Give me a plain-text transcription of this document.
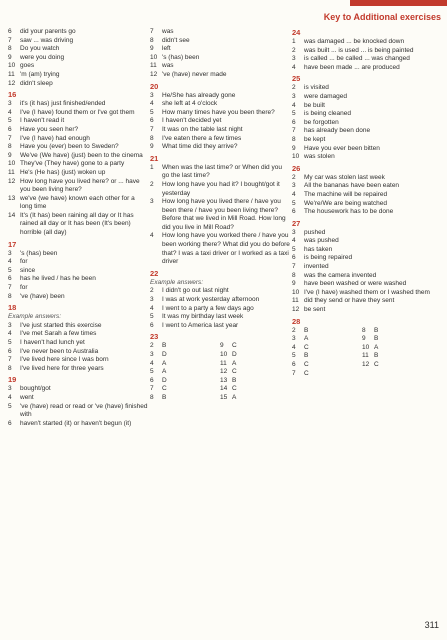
Key to Additional exercises
6	did your parents go
7	saw ... was driving
8	Do you watch
9	were you doing
10 goes
11 'm (am) trying
12 didn't sleep
16
3	it's (it has) just finished/ended
4	I've (I have) found them or I've got them
5	I haven't read it
6	Have you seen her?
7	I've (I have) had enough
8	Have you (ever) been to Sweden?
9	We've (We have) (just) been to the cinema
10 They've (They have) gone to a party
11 He's (He has) (just) woken up
12 How long have you lived here? or ... have you been living here?
13 we've (we have) known each other for a long time
14 It's (It has) been raining all day or It has rained all day or It has been (It's been) horrible (all day)
17
3	's (has) been
4	for
5	since
6	has he lived / has he been
7	for
8	've (have) been
18
Example answers:
3	I've just started this exercise
4	I've met Sarah a few times
5	I haven't had lunch yet
6	I've never been to Australia
7	I've lived here since I was born
8	I've lived here for three years
19
3	bought/got
4	went
5	've (have) read or read or 've (have) finished with
6	haven't started (it) or haven't begun (it)
7	was
8	didn't see
9	left
10 's (has) been
11 was
12 've (have) never made
20
3	He/She has already gone
4	she left at 4 o'clock
5	How many times have you been there?
6	I haven't decided yet
7	It was on the table last night
8	I've eaten there a few times
9	What time did they arrive?
21
1	When was the last time? or When did you go the last time?
2	How long have you had it? I bought/got it yesterday
3	How long have you lived there / have you been there / have you been living there? Before that we lived in Mill Road. How long did you live in Mill Road?
4	How long have you worked there / have you been working there? What did you do before that? I was a taxi driver or I worked as a taxi driver
22
Example answers:
2	I didn't go out last night
3	I was at work yesterday afternoon
4	I went to a party a few days ago
5	It was my birthday last week
6	I went to America last year
23
2	B	9	C
3	D	10 D
4	A	11 A
5	A	12 C
6	D	13 B
7	C	14 C
8	B	15 A
24
1	was damaged ... be knocked down
2	was built ... is used ... is being painted
3	is called ... be called ... was changed
4	have been made ... are produced
25
2	is visited
3	were damaged
4	be built
5	is being cleaned
6	be forgotten
7	has already been done
8	be kept
9	Have you ever been bitten
10 was stolen
26
2	My car was stolen last week
3	All the bananas have been eaten
4	The machine will be repaired
5	We're/We are being watched
6	The housework has to be done
27
3	pushed
4	was pushed
5	has taken
6	is being repaired
7	invented
8	was the camera invented
9	have been washed or were washed
10 I've (I have) washed them or I washed them
11 did they send or have they sent
12 be sent
28
2	B	8	B
3	A	9	B
4	C	10 A
5	B	11 B
6	C	12 C
7	C
311
